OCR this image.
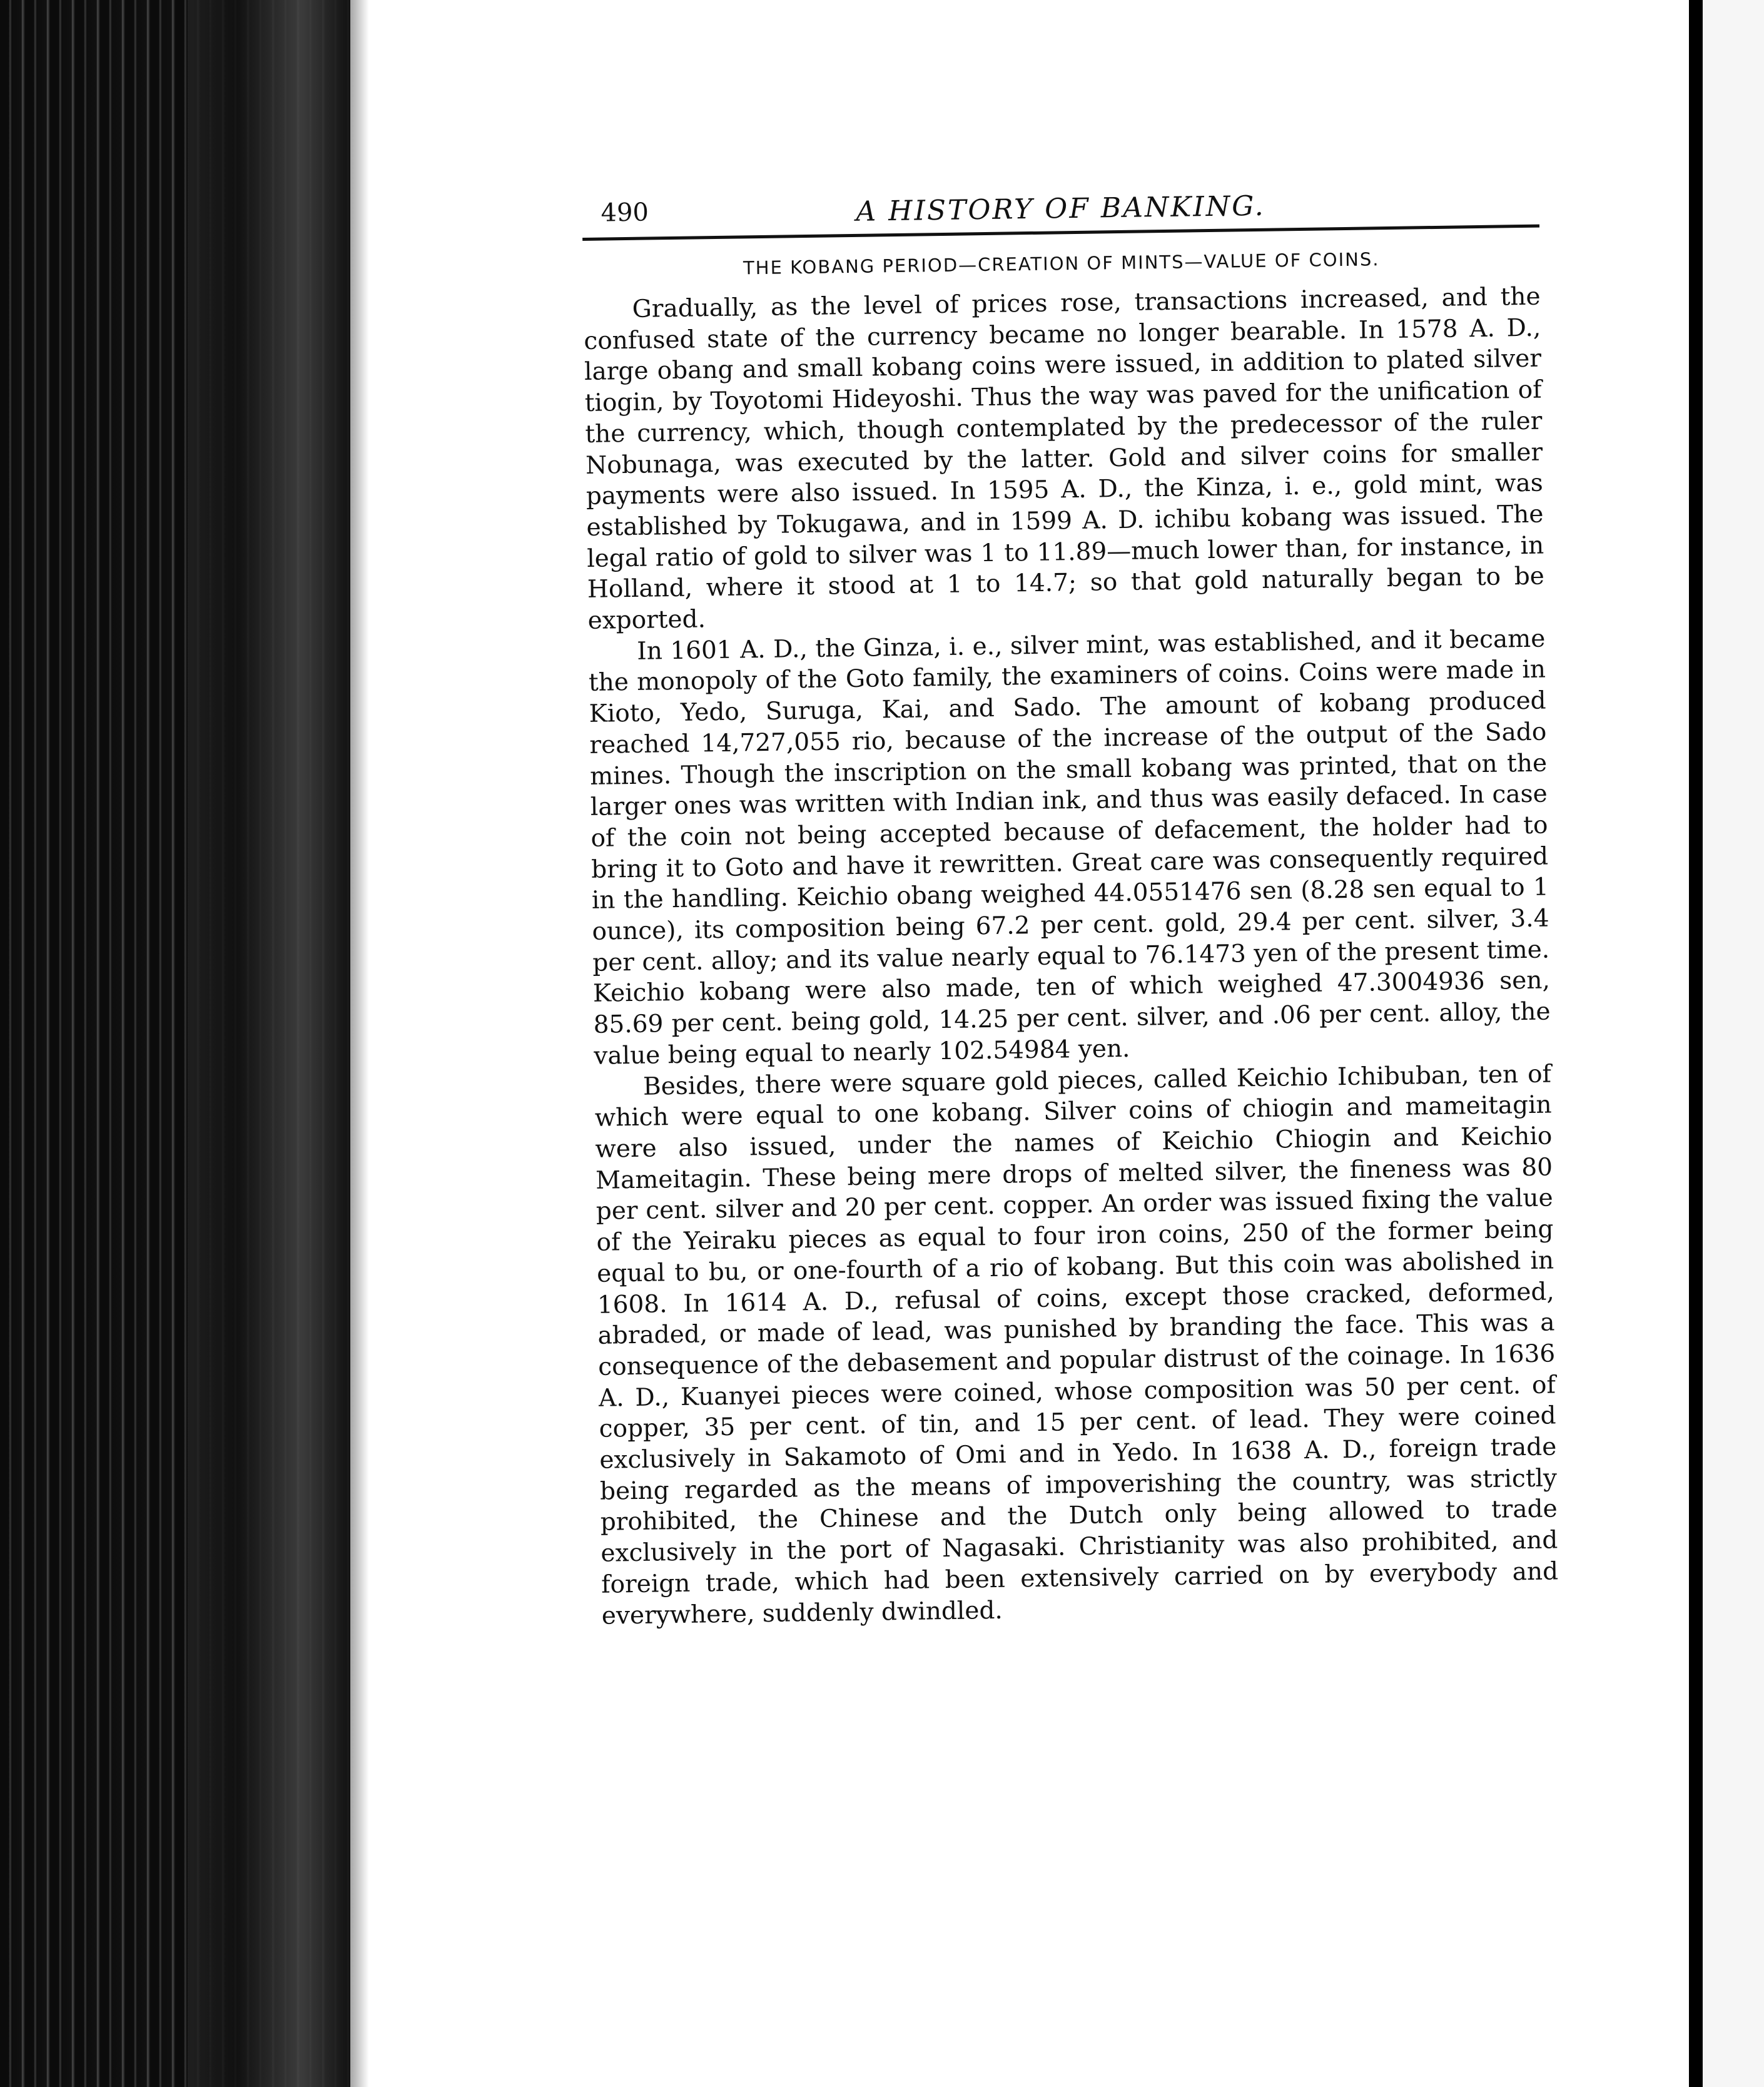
490	A HISTORY OF BANKING.
THE KOBANG PERIOD—CREATION OF MINTS—VALUE OF COINS.

Gradually, as the level of prices rose, transactions increased, and the confused state of the currency became no longer bearable. In 1578 A. D., large obang and small kobang coins were issued, in addition to plated silver tiogin, by Toyotomi Hideyoshi. Thus the way was paved for the unification of the currency, which, though contemplated by the predecessor of the ruler Nobunaga, was executed by the latter. Gold and silver coins for smaller payments were also issued. In 1595 A. D., the Kinza, i. e., gold mint, was established by Tokugawa, and in 1599 A. D. ichibu kobang was issued. The legal ratio of gold to silver was 1 to 11.89—much lower than, for instance, in Holland, where it stood at 1 to 14.7; so that gold naturally began to be exported.

In 1601 A. D., the Ginza, i. e., silver mint, was established, and it became the monopoly of the Goto family, the examiners of coins. Coins were made in Kioto, Yedo, Suruga, Kai, and Sado. The amount of kobang produced reached 14,727,055 rio, because of the increase of the output of the Sado mines. Though the inscription on the small kobang was printed, that on the larger ones was written with Indian ink, and thus was easily defaced. In case of the coin not being accepted because of defacement, the holder had to bring it to Goto and have it rewritten. Great care was consequently required in the handling. Keichio obang weighed 44.0551476 sen (8.28 sen equal to 1 ounce), its composition being 67.2 per cent. gold, 29.4 per cent. silver, 3.4 per cent. alloy; and its value nearly equal to 76.1473 yen of the present time. Keichio kobang were also made, ten of which weighed 47.3004936 sen, 85.69 per cent. being gold, 14.25 per cent. silver, and .06 per cent. alloy, the value being equal to nearly 102.54984 yen.

Besides, there were square gold pieces, called Keichio Ichibuban, ten of which were equal to one kobang. Silver coins of chiogin and mameitagin were also issued, under the names of Keichio Chiogin and Keichio Mameitagin. These being mere drops of melted silver, the fineness was 80 per cent. silver and 20 per cent. copper. An order was issued fixing the value of the Yeiraku pieces as equal to four iron coins, 250 of the former being equal to bu, or one-fourth of a rio of kobang. But this coin was abolished in 1608. In 1614 A. D., refusal of coins, except those cracked, deformed, abraded, or made of lead, was punished by branding the face. This was a consequence of the debasement and popular distrust of the coinage. In 1636 A. D., Kuanyei pieces were coined, whose composition was 50 per cent. of copper, 35 per cent. of tin, and 15 per cent. of lead. They were coined exclusively in Sakamoto of Omi and in Yedo. In 1638 A. D., foreign trade being regarded as the means of impoverishing the country, was strictly prohibited, the Chinese and the Dutch only being allowed to trade exclusively in the port of Nagasaki. Christianity was also prohibited, and foreign trade, which had been extensively carried on by everybody and everywhere, suddenly dwindled.
